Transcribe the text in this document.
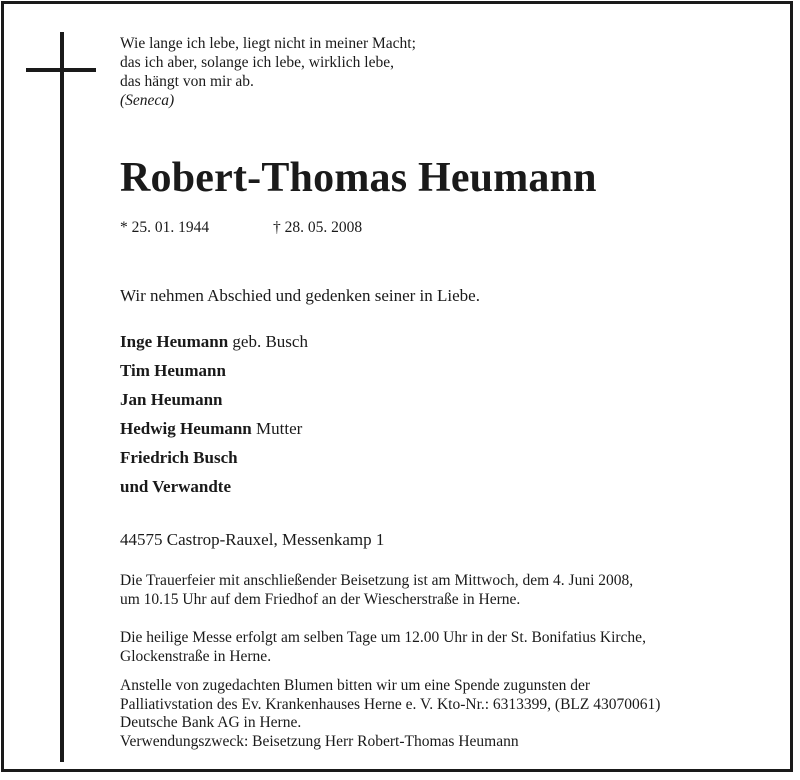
Wie lange ich lebe, liegt nicht in meiner Macht;
das ich aber, solange ich lebe, wirklich lebe,
das hängt von mir ab.
(Seneca)
Robert-Thomas Heumann
* 25. 01. 1944	† 28. 05. 2008
Wir nehmen Abschied und gedenken seiner in Liebe.
Inge Heumann geb. Busch
Tim Heumann
Jan Heumann
Hedwig Heumann Mutter
Friedrich Busch
und Verwandte
44575 Castrop-Rauxel, Messenkamp 1
Die Trauerfeier mit anschließender Beisetzung ist am Mittwoch, dem 4. Juni 2008,
um 10.15 Uhr auf dem Friedhof an der Wiescherstraße in Herne.
Die heilige Messe erfolgt am selben Tage um 12.00 Uhr in der St. Bonifatius Kirche,
Glockenstraße in Herne.
Anstelle von zugedachten Blumen bitten wir um eine Spende zugunsten der
Palliativstation des Ev. Krankenhauses Herne e. V. Kto-Nr.: 6313399, (BLZ 43070061)
Deutsche Bank AG in Herne.
Verwendungszweck: Beisetzung Herr Robert-Thomas Heumann
